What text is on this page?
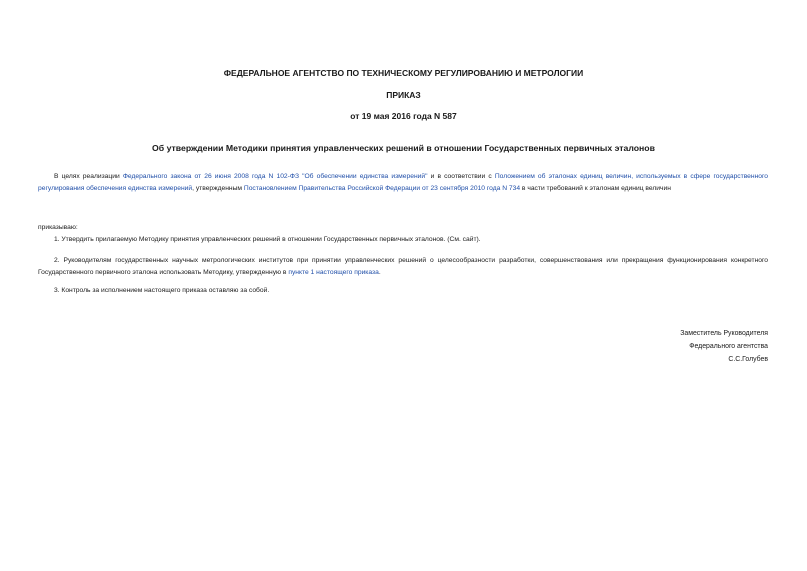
ФЕДЕРАЛЬНОЕ АГЕНТСТВО ПО ТЕХНИЧЕСКОМУ РЕГУЛИРОВАНИЮ И МЕТРОЛОГИИ
ПРИКАЗ
от 19 мая 2016 года N 587
Об утверждении Методики принятия управленческих решений в отношении Государственных первичных эталонов
В целях реализации Федерального закона от 26 июня 2008 года N 102-ФЗ "Об обеспечении единства измерений" и в соответствии с Положением об эталонах единиц величин, используемых в сфере государственного регулирования обеспечения единства измерений, утвержденным Постановлением Правительства Российской Федерации от 23 сентября 2010 года N 734 в части требований к эталонам единиц величин
приказываю:
1. Утвердить прилагаемую Методику принятия управленческих решений в отношении Государственных первичных эталонов. (См. сайт).
2. Руководителям государственных научных метрологических институтов при принятии управленческих решений о целесообразности разработки, совершенствования или прекращения функционирования конкретного Государственного первичного эталона использовать Методику, утвержденную в пункте 1 настоящего приказа.
3. Контроль за исполнением настоящего приказа оставляю за собой.
Заместитель Руководителя
Федерального агентства
С.С.Голубев
